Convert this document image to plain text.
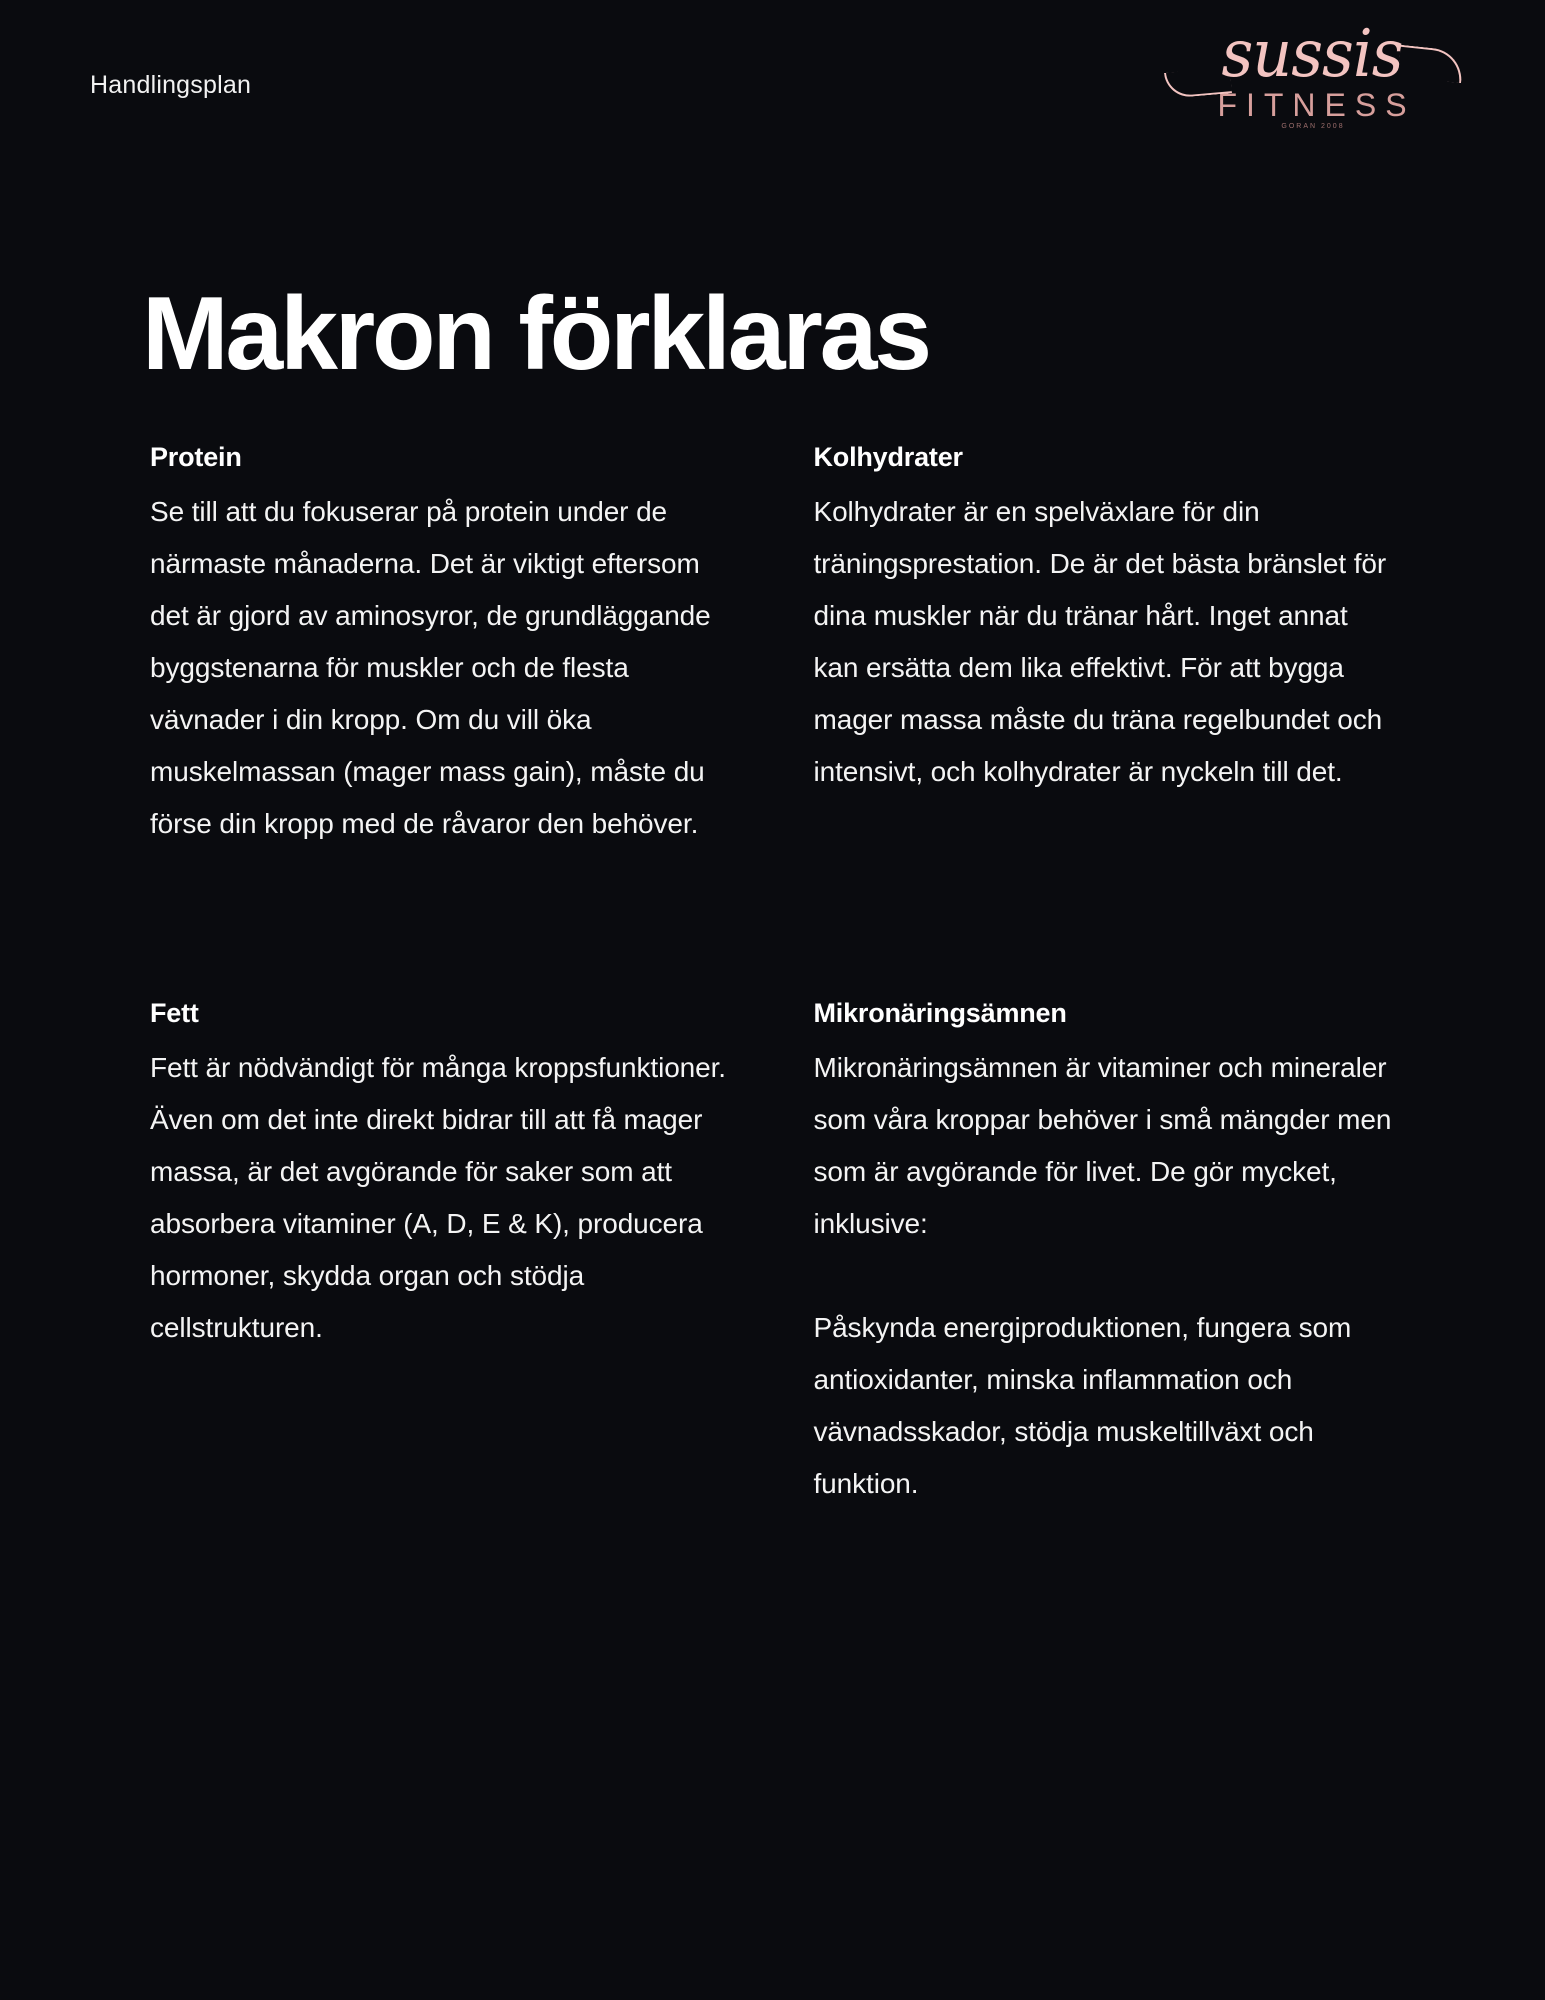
Handlingsplan	sussis
FITNESS
GORAN 2008
Makron förklaras
Protein

Se till att du fokuserar på protein under de närmaste månaderna. Det är viktigt eftersom det är gjord av aminosyror, de grundläggande byggstenarna för muskler och de flesta vävnader i din kropp. Om du vill öka muskelmassan (mager mass gain), måste du förse din kropp med de råvaror den behöver.

Kolhydrater

Kolhydrater är en spelväxlare för din träningsprestation. De är det bästa bränslet för dina muskler när du tränar hårt. Inget annat kan ersätta dem lika effektivt. För att bygga mager massa måste du träna regelbundet och intensivt, och kolhydrater är nyckeln till det.

Fett

Fett är nödvändigt för många kroppsfunktioner. Även om det inte direkt bidrar till att få mager massa, är det avgörande för saker som att absorbera vitaminer (A, D, E & K), producera hormoner, skydda organ och stödja cellstrukturen.

Mikronäringsämnen

Mikronäringsämnen är vitaminer och mineraler som våra kroppar behöver i små mängder men som är avgörande för livet. De gör mycket, inklusive:

Påskynda energiproduktionen, fungera som antioxidanter, minska inflammation och vävnadsskador, stödja muskeltillväxt och funktion.
